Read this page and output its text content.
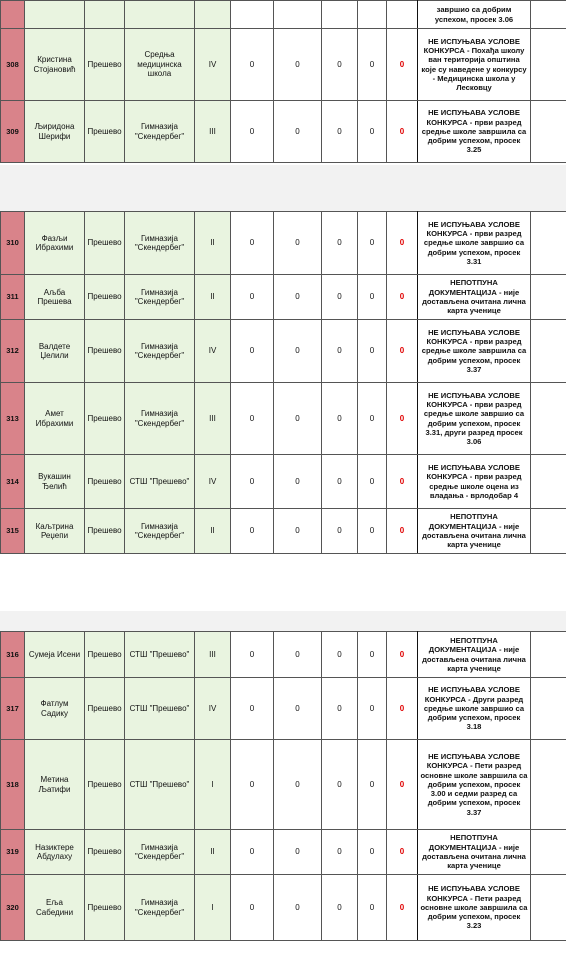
										завршио са добрим успехом, просек 3.06	
308	Кристина Стојановић	Прешево	Средња медицинска школа	IV	0	0	0	0	0	НЕ ИСПУЊАВА УСЛОВЕ КОНКУРСА - Похађа школу ван територија општина које су наведене у конкурсу - Медицинска школа у Лесковцу	
309	Љиридона Шерифи	Прешево	Гимназија "Скендербег"	III	0	0	0	0	0	НЕ ИСПУЊАВА УСЛОВЕ КОНКУРСА - први разред средње школе завршила са добрим успехом, просек 3.25	
310	Фазљи Ибрахими	Прешево	Гимназија "Скендербег"	II	0	0	0	0	0	НЕ ИСПУЊАВА УСЛОВЕ КОНКУРСА - први разред средње школе завршио са добрим успехом, просек 3.31	
311	Аљба Прешева	Прешево	Гимназија "Скендербег"	II	0	0	0	0	0	НЕПОТПУНА ДОКУМЕНТАЦИЈА - није достављена очитана лична карта ученице	
312	Валдете Џелили	Прешево	Гимназија "Скендербег"	IV	0	0	0	0	0	НЕ ИСПУЊАВА УСЛОВЕ КОНКУРСА - први разред средње школе завршила са добрим успехом, просек 3.37	
313	Амет Ибрахими	Прешево	Гимназија "Скендербег"	III	0	0	0	0	0	НЕ ИСПУЊАВА УСЛОВЕ КОНКУРСА - први разред средње школе завршио са добрим успехом, просек 3.31, други разред просек 3.06	
314	Вукашин Ђелић	Прешево	СТШ "Прешево"	IV	0	0	0	0	0	НЕ ИСПУЊАВА УСЛОВЕ КОНКУРСА - први разред средње школе оцена из владања - врлодобар 4	
315	Каљтрина Реџепи	Прешево	Гимназија "Скендербег"	II	0	0	0	0	0	НЕПОТПУНА ДОКУМЕНТАЦИЈА - није достављена очитана лична карта ученице	
316	Сумеја Исени	Прешево	СТШ "Прешево"	III	0	0	0	0	0	НЕПОТПУНА ДОКУМЕНТАЦИЈА - није достављена очитана лична карта ученице	
317	Фатлум Садику	Прешево	СТШ "Прешево"	IV	0	0	0	0	0	НЕ ИСПУЊАВА УСЛОВЕ КОНКУРСА - Други разред средње школе завршио са добрим успехом, просек 3.18	
318	Метина Љатифи	Прешево	СТШ "Прешево"	I	0	0	0	0	0	НЕ ИСПУЊАВА УСЛОВЕ КОНКУРСА - Пети разред основне школе завршила са добрим успехом, просек 3.00 и седми разред са добрим успехом, просек 3.37	
319	Назиктере Абдулаху	Прешево	Гимназија "Скендербег"	II	0	0	0	0	0	НЕПОТПУНА ДОКУМЕНТАЦИЈА - није достављена очитана лична карта ученице	
320	Еља Сабедини	Прешево	Гимназија "Скендербег"	I	0	0	0	0	0	НЕ ИСПУЊАВА УСЛОВЕ КОНКУРСА - Пети разред основне школе завршила са добрим успехом, просек 3.23	
